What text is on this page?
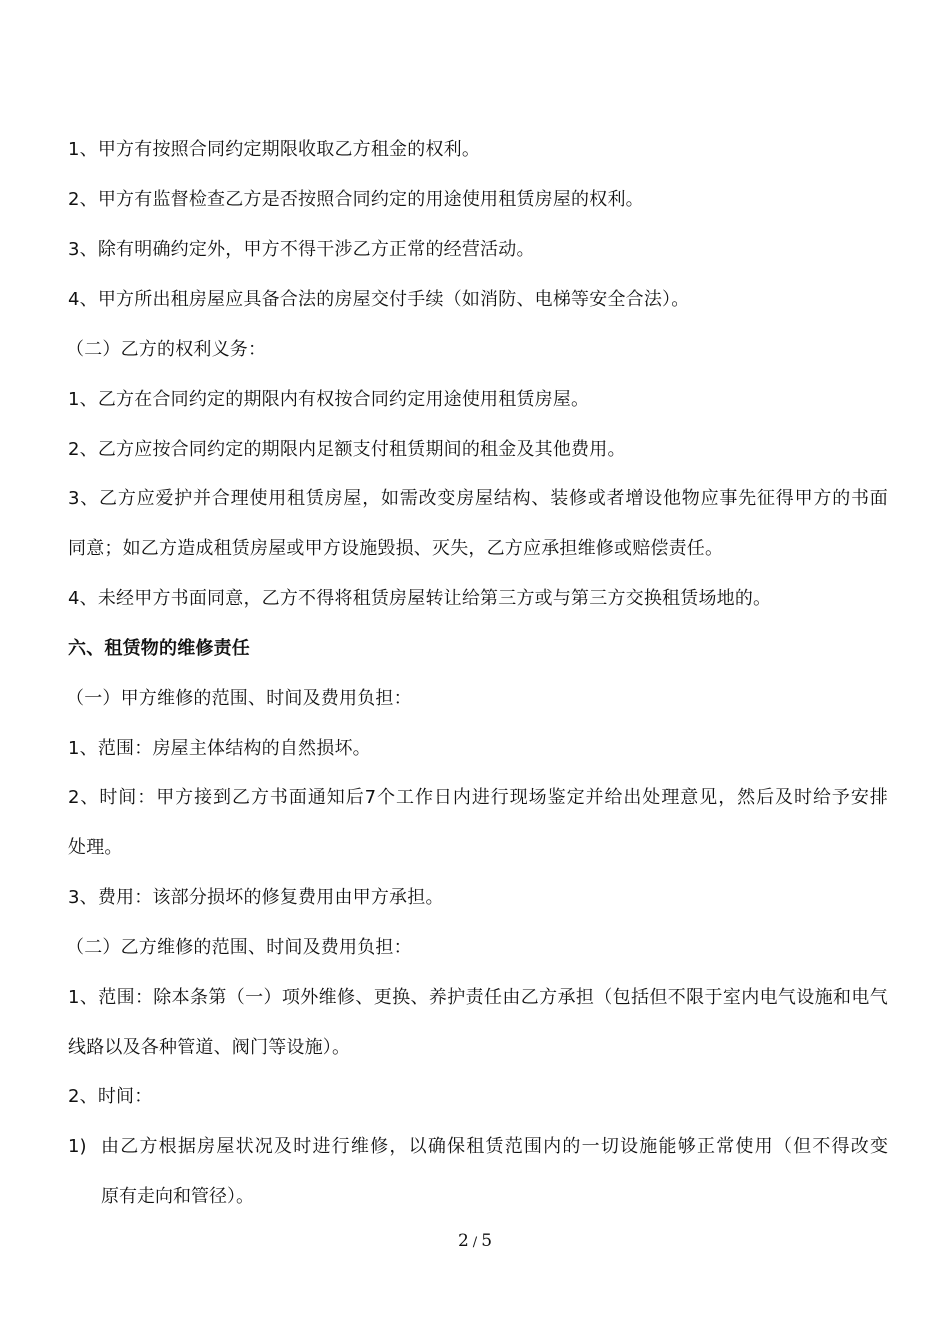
1、甲方有按照合同约定期限收取乙方租金的权利。
2、甲方有监督检查乙方是否按照合同约定的用途使用租赁房屋的权利。
3、除有明确约定外，甲方不得干涉乙方正常的经营活动。
4、甲方所出租房屋应具备合法的房屋交付手续（如消防、电梯等安全合法）。
（二）乙方的权利义务：
1、乙方在合同约定的期限内有权按合同约定用途使用租赁房屋。
2、乙方应按合同约定的期限内足额支付租赁期间的租金及其他费用。
3、乙方应爱护并合理使用租赁房屋，如需改变房屋结构、装修或者增设他物应事先征得甲方的书面
同意；如乙方造成租赁房屋或甲方设施毁损、灭失，乙方应承担维修或赔偿责任。
4、未经甲方书面同意，乙方不得将租赁房屋转让给第三方或与第三方交换租赁场地的。
六、租赁物的维修责任
（一）甲方维修的范围、时间及费用负担：
1、范围：房屋主体结构的自然损坏。
2、时间：甲方接到乙方书面通知后7个工作日内进行现场鉴定并给出处理意见，然后及时给予安排
处理。
3、费用：该部分损坏的修复费用由甲方承担。
（二）乙方维修的范围、时间及费用负担：
1、范围：除本条第（一）项外维修、更换、养护责任由乙方承担（包括但不限于室内电气设施和电气
线路以及各种管道、阀门等设施）。
2、时间：
1) 由乙方根据房屋状况及时进行维修，以确保租赁范围内的一切设施能够正常使用（但不得改变
原有走向和管径）。
2 / 5
